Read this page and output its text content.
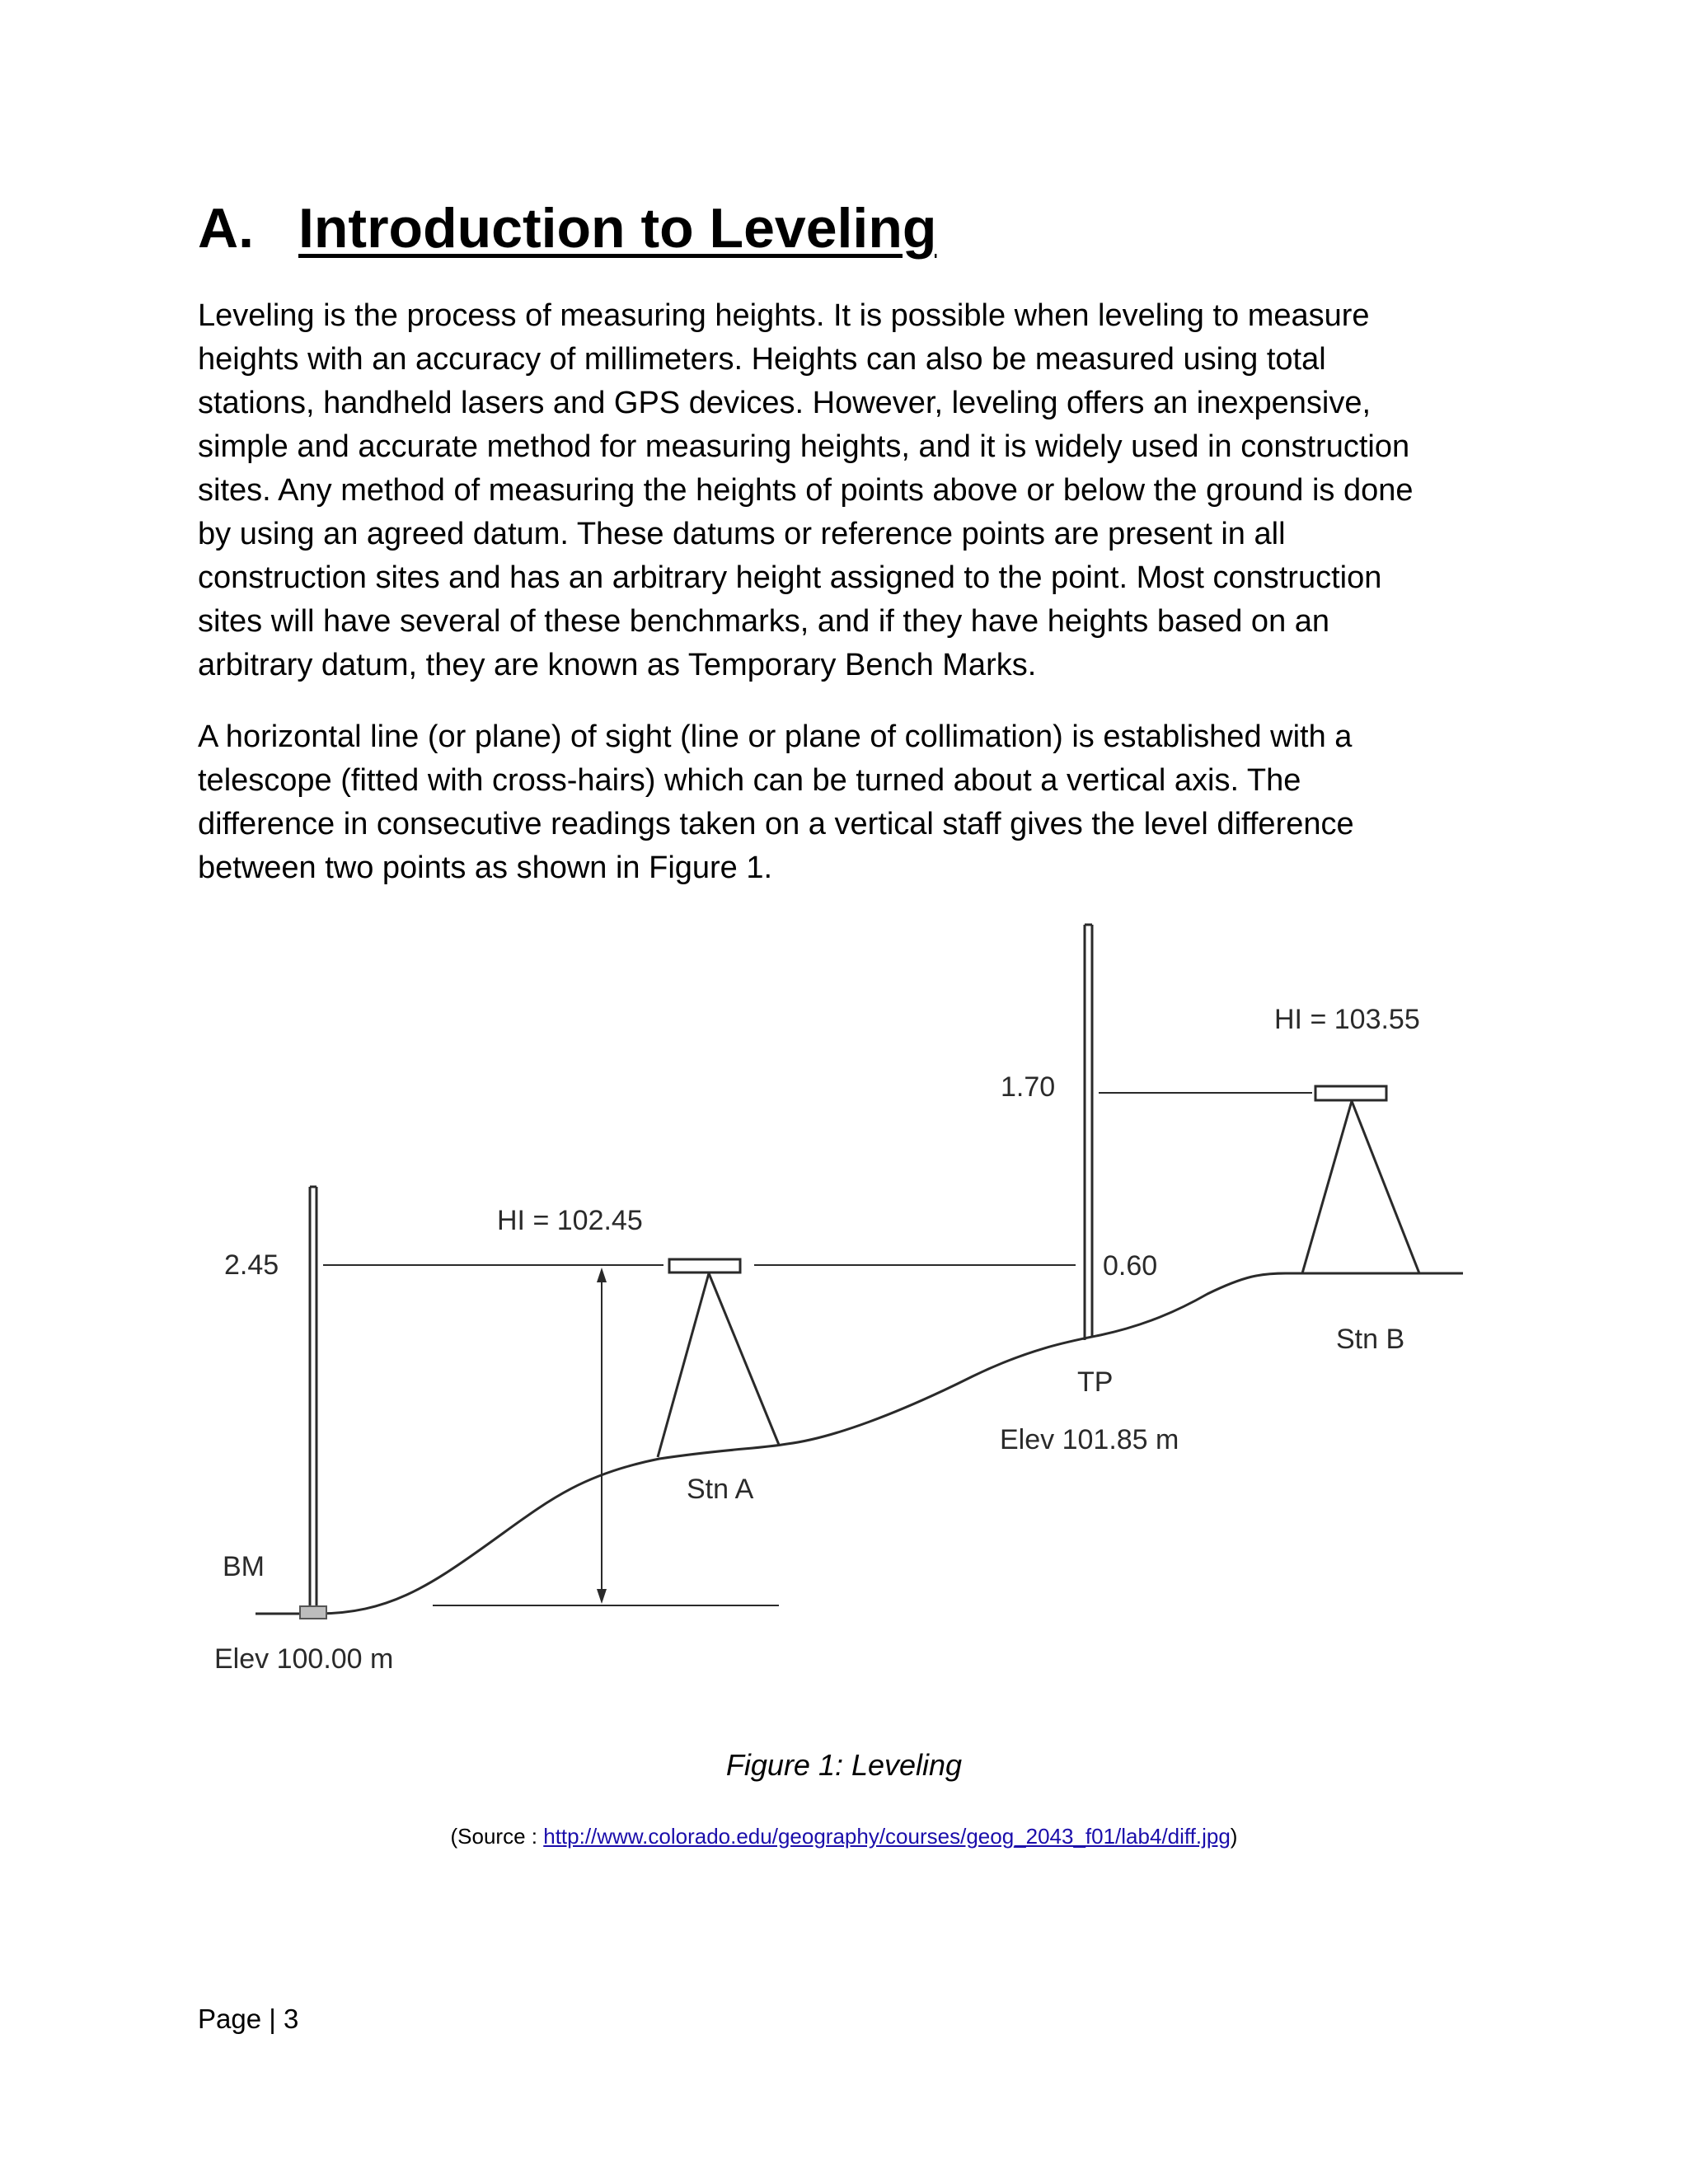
A. Introduction to Leveling

Leveling is the process of measuring heights. It is possible when leveling to measure
heights with an accuracy of millimeters. Heights can also be measured using total
stations, handheld lasers and GPS devices. However, leveling offers an inexpensive,
simple and accurate method for measuring heights, and it is widely used in construction
sites. Any method of measuring the heights of points above or below the ground is done
by using an agreed datum. These datums or reference points are present in all
construction sites and has an arbitrary height assigned to the point. Most construction
sites will have several of these benchmarks, and if they have heights based on an
arbitrary datum, they are known as Temporary Bench Marks.

A horizontal line (or plane) of sight (line or plane of collimation) is established with a
telescope (fitted with cross-hairs) which can be turned about a vertical axis. The
difference in consecutive readings taken on a vertical staff gives the level difference
between two points as shown in Figure 1.

2.45
HI = 102.45
1.70
0.60
HI = 103.55
Stn A
Stn B
TP
Elev 101.85 m
BM
Elev 100.00 m

Figure 1: Leveling

(Source : http://www.colorado.edu/geography/courses/geog_2043_f01/lab4/diff.jpg)

Page | 3
